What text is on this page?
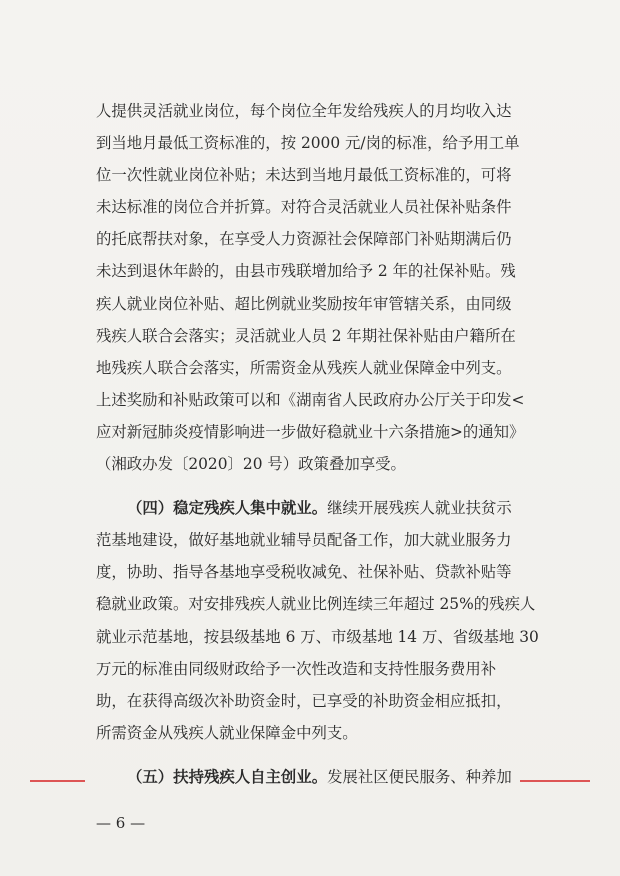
人提供灵活就业岗位，每个岗位全年发给残疾人的月均收入达
到当地月最低工资标准的，按 2000 元/岗的标准，给予用工单
位一次性就业岗位补贴；未达到当地月最低工资标准的，可将
未达标准的岗位合并折算。对符合灵活就业人员社保补贴条件
的托底帮扶对象，在享受人力资源社会保障部门补贴期满后仍
未达到退休年龄的，由县市残联增加给予 2 年的社保补贴。残
疾人就业岗位补贴、超比例就业奖励按年审管辖关系，由同级
残疾人联合会落实；灵活就业人员 2 年期社保补贴由户籍所在
地残疾人联合会落实，所需资金从残疾人就业保障金中列支。
上述奖励和补贴政策可以和《湖南省人民政府办公厅关于印发<
应对新冠肺炎疫情影响进一步做好稳就业十六条措施>的通知》
（湘政办发〔2020〕20 号）政策叠加享受。
（四）稳定残疾人集中就业。继续开展残疾人就业扶贫示
范基地建设，做好基地就业辅导员配备工作，加大就业服务力
度，协助、指导各基地享受税收减免、社保补贴、贷款补贴等
稳就业政策。对安排残疾人就业比例连续三年超过 25%的残疾人
就业示范基地，按县级基地 6 万、市级基地 14 万、省级基地 30
万元的标准由同级财政给予一次性改造和支持性服务费用补
助，在获得高级次补助资金时，已享受的补助资金相应抵扣，
所需资金从残疾人就业保障金中列支。
（五）扶持残疾人自主创业。发展社区便民服务、种养加
— 6 —
